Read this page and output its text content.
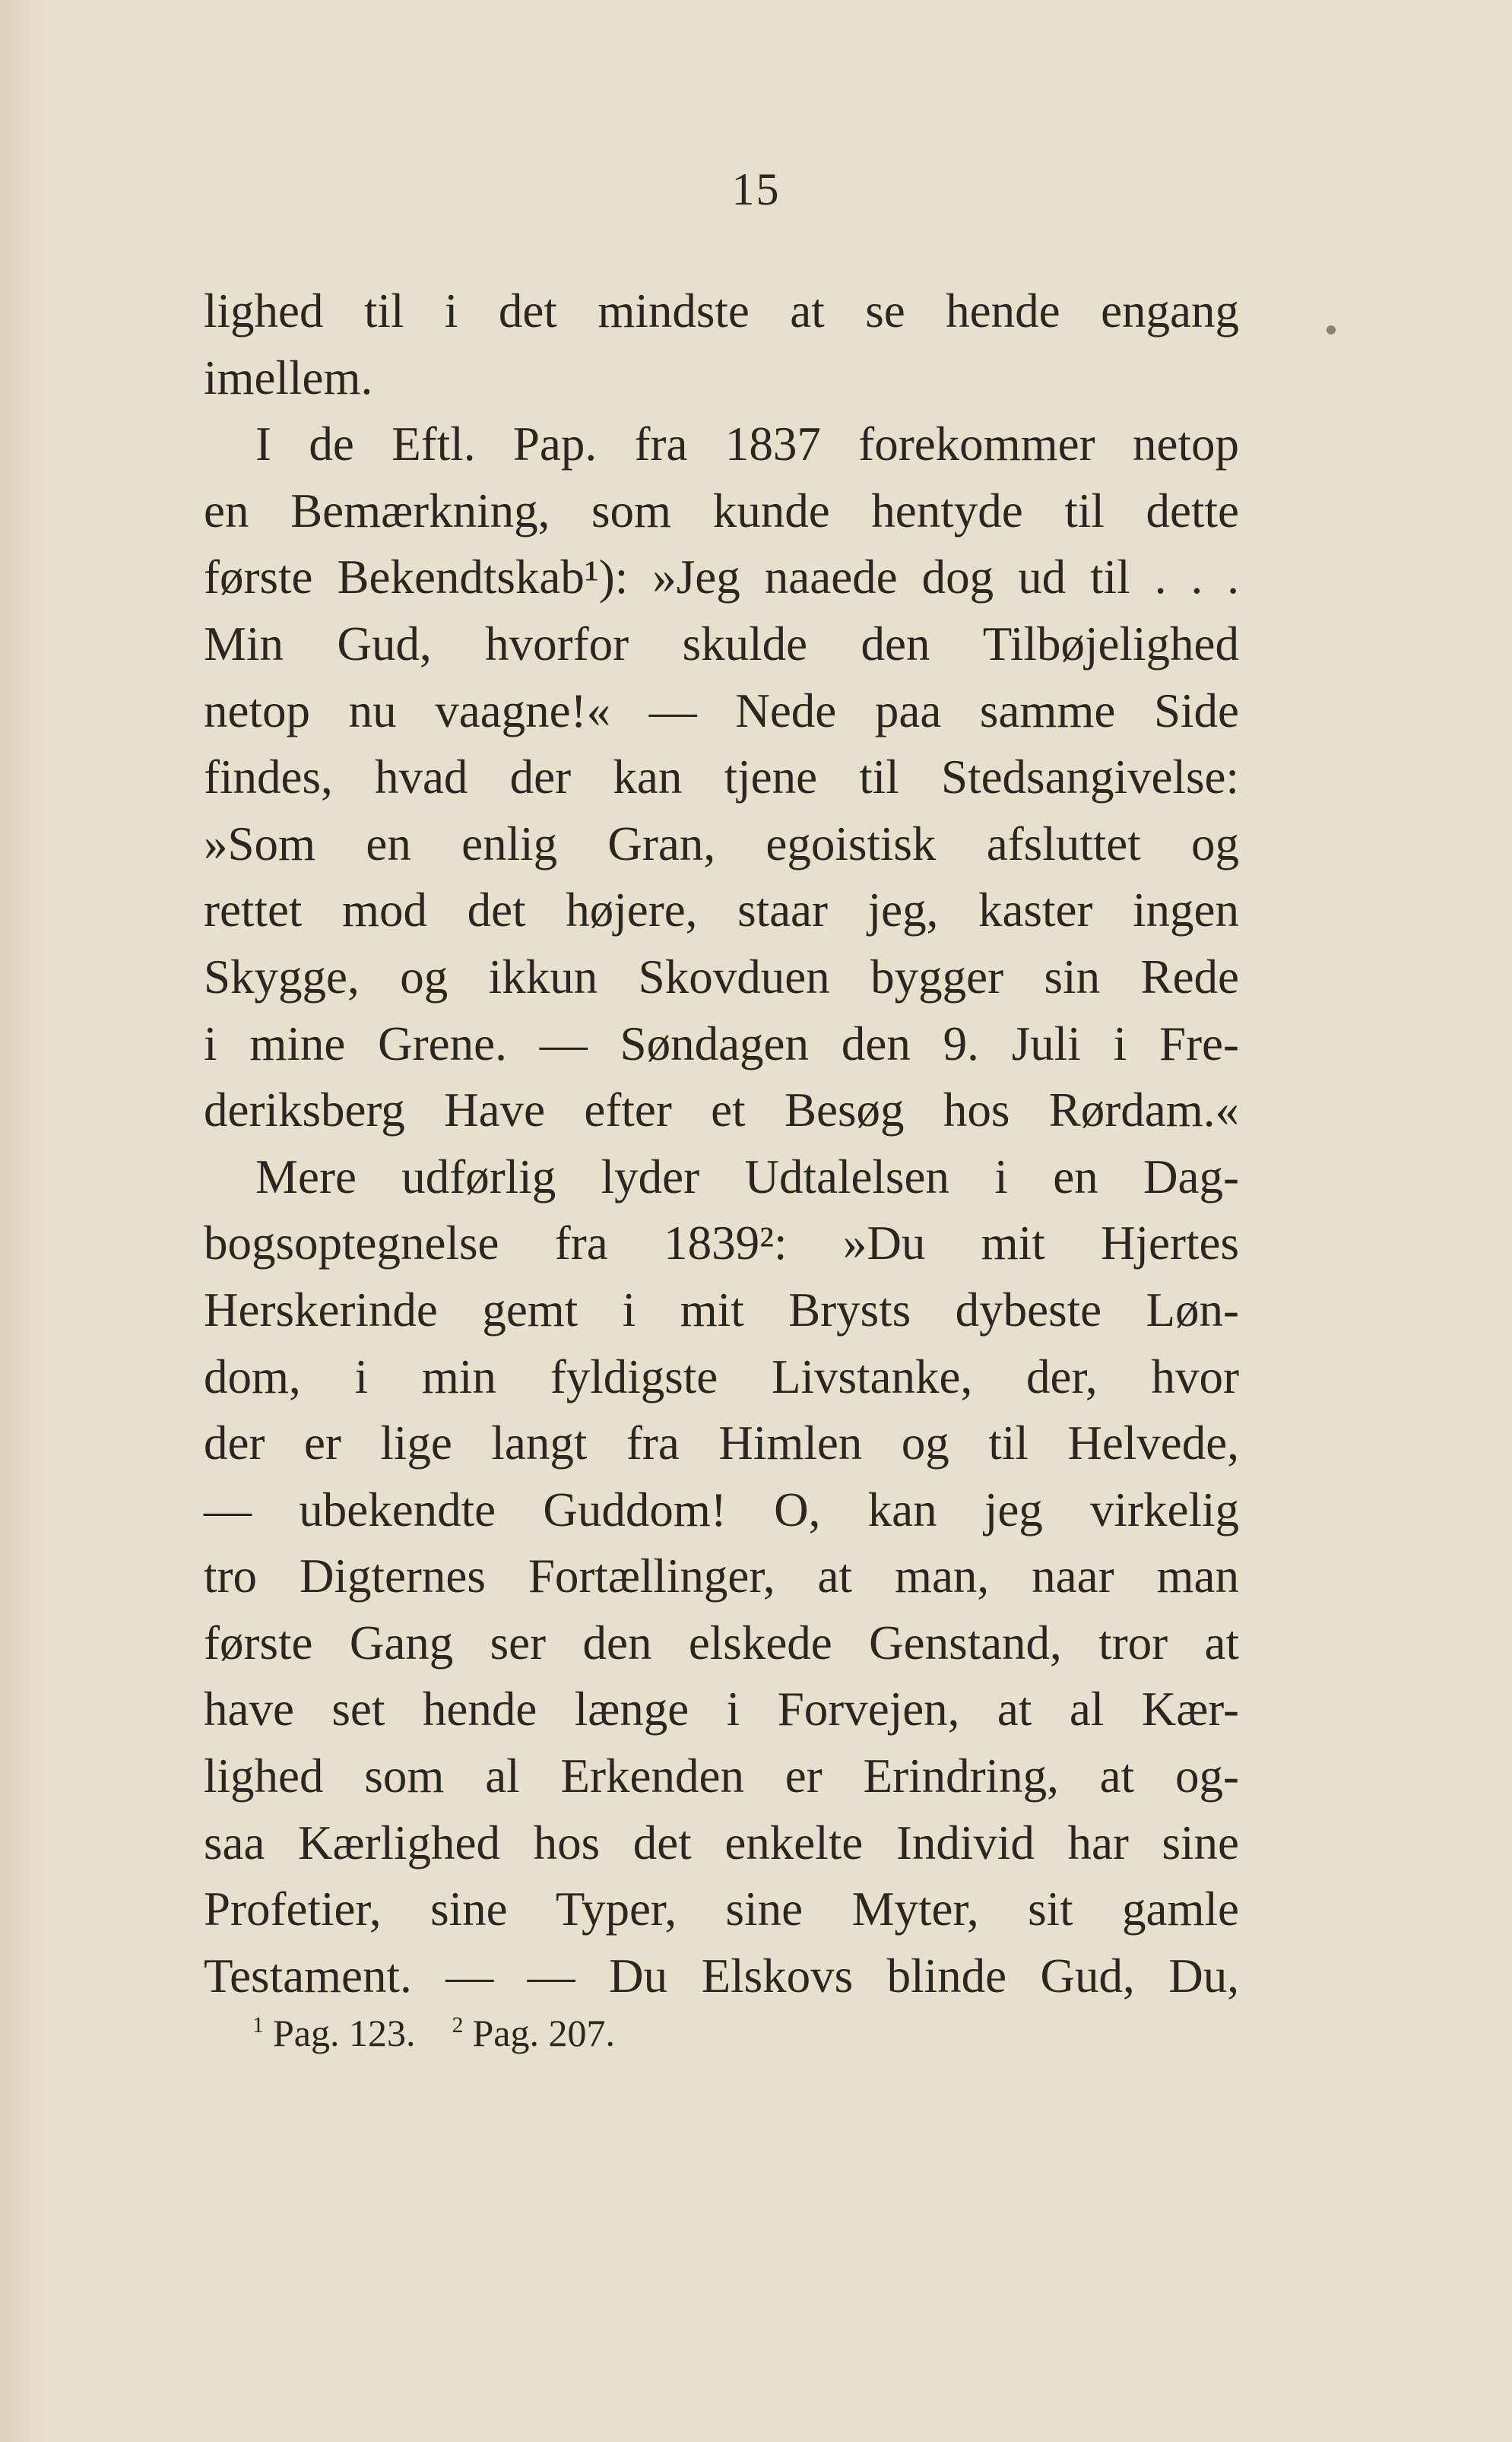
15
lighed til i det mindste at se hende engang
imellem.
I de Eftl. Pap. fra 1837 forekommer netop
en Bemærkning, som kunde hentyde til dette
første Bekendtskab¹): »Jeg naaede dog ud til . . .
Min Gud, hvorfor skulde den Tilbøjelighed
netop nu vaagne!« — Nede paa samme Side
findes, hvad der kan tjene til Stedsangivelse:
»Som en enlig Gran, egoistisk afsluttet og
rettet mod det højere, staar jeg, kaster ingen
Skygge, og ikkun Skovduen bygger sin Rede
i mine Grene. — Søndagen den 9. Juli i Fre-
deriksberg Have efter et Besøg hos Rørdam.«
Mere udførlig lyder Udtalelsen i en Dag-
bogsoptegnelse fra 1839²: »Du mit Hjertes
Herskerinde gemt i mit Brysts dybeste Løn-
dom, i min fyldigste Livstanke, der, hvor
der er lige langt fra Himlen og til Helvede,
— ubekendte Guddom! O, kan jeg virkelig
tro Digternes Fortællinger, at man, naar man
første Gang ser den elskede Genstand, tror at
have set hende længe i Forvejen, at al Kær-
lighed som al Erkenden er Erindring, at og-
saa Kærlighed hos det enkelte Individ har sine
Profetier, sine Typer, sine Myter, sit gamle
Testament. — — Du Elskovs blinde Gud, Du,
$^1$ Pag. 123. $^2$ Pag. 207.
